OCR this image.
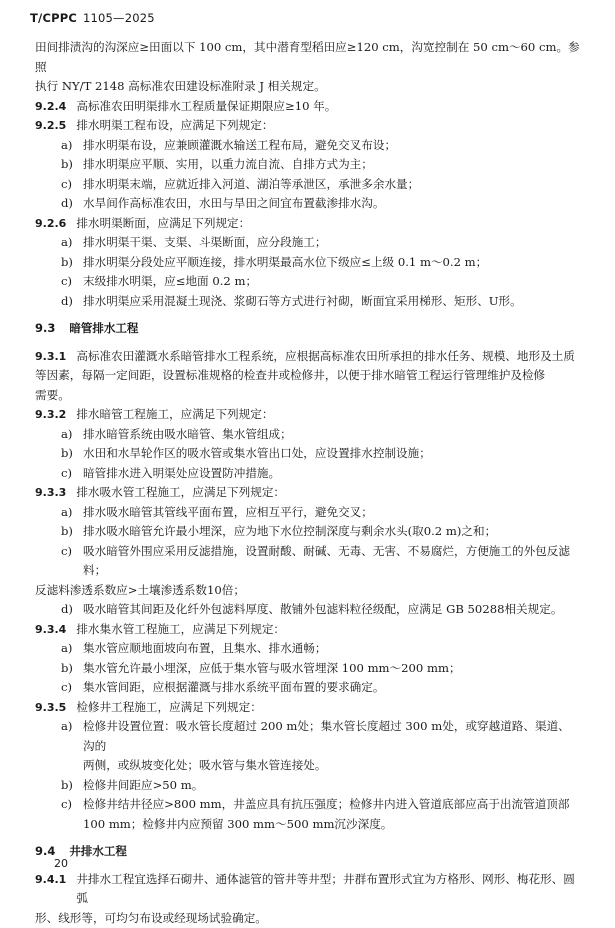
T/CPPC 1105—2025

田间排渍沟的沟深应≥田面以下 100 cm，其中潜育型稻田应≥120 cm，沟宽控制在 50 cm～60 cm。参照

执行 NY/T 2148 高标准农田建设标准附录 J 相关规定。

9.2.4 高标准农田明渠排水工程质量保证期限应≥10 年。
9.2.5 排水明渠工程布设，应满足下列规定：
a) 排水明渠布设，应兼顾灌溉水输送工程布局，避免交叉布设；
b) 排水明渠应平顺、实用，以重力流自流、自排方式为主；
c) 排水明渠末端，应就近排入河道、湖泊等承泄区，承泄多余水量；
d) 水旱间作高标准农田，水田与旱田之间宜布置截渗排水沟。
9.2.6 排水明渠断面，应满足下列规定：
a) 排水明渠干渠、支渠、斗渠断面，应分段施工；
b) 排水明渠分段处应平顺连接，排水明渠最高水位下级应≤上级 0.1 m～0.2 m；
c) 末级排水明渠，应≤地面 0.2 m；
d) 排水明渠应采用混凝土现浇、浆砌石等方式进行衬砌，断面宜采用梯形、矩形、U形。
9.3 暗管排水工程
9.3.1 高标准农田灌溉水系暗管排水工程系统，应根据高标准农田所承担的排水任务、规模、地形及土质

等因素，每隔一定间距，设置标准规格的检查井或检修井，以便于排水暗管工程运行管理维护及检修

需要。

9.3.2 排水暗管工程施工，应满足下列规定：
a) 排水暗管系统由吸水暗管、集水管组成；
b) 水田和水旱轮作区的吸水管或集水管出口处，应设置排水控制设施；
c) 暗管排水进入明渠处应设置防冲措施。
9.3.3 排水吸水管工程施工，应满足下列规定：
a) 排水吸水暗管其管线平面布置，应相互平行，避免交叉；
b) 排水吸水暗管允许最小埋深，应为地下水位控制深度与剩余水头(取0.2 m)之和；
c) 吸水暗管外围应采用反滤措施，设置耐酸、耐碱、无毒、无害、不易腐烂，方便施工的外包反滤料；

反滤料渗透系数应>土壤渗透系数10倍；

d) 吸水暗管其间距及化纤外包滤料厚度、散铺外包滤料粒径级配，应满足 GB 50288相关规定。
9.3.4 排水集水管工程施工，应满足下列规定：
a) 集水管应顺地面坡向布置，且集水、排水通畅；
b) 集水管允许最小埋深，应低于集水管与吸水管埋深 100 mm～200 mm；
c) 集水管间距，应根据灌溉与排水系统平面布置的要求确定。
9.3.5 检修井工程施工，应满足下列规定：
a) 检修井设置位置：吸水管长度超过 200 m处；集水管长度超过 300 m处，或穿越道路、渠道、沟的
两侧，或纵坡变化处；吸水管与集水管连接处。
b) 检修井间距应>50 m。
c) 检修井结井径应>800 mm，井盖应具有抗压强度；检修井内进入管道底部应高于出流管道顶部
100 mm；检修井内应预留 300 mm～500 mm沉沙深度。
9.4 井排水工程
9.4.1 井排水工程宜选择石砌井、通体滤管的管井等井型；井群布置形式宜为方格形、网形、梅花形、圆弧

形、线形等，可均匀布设或经现场试验确定。

20
